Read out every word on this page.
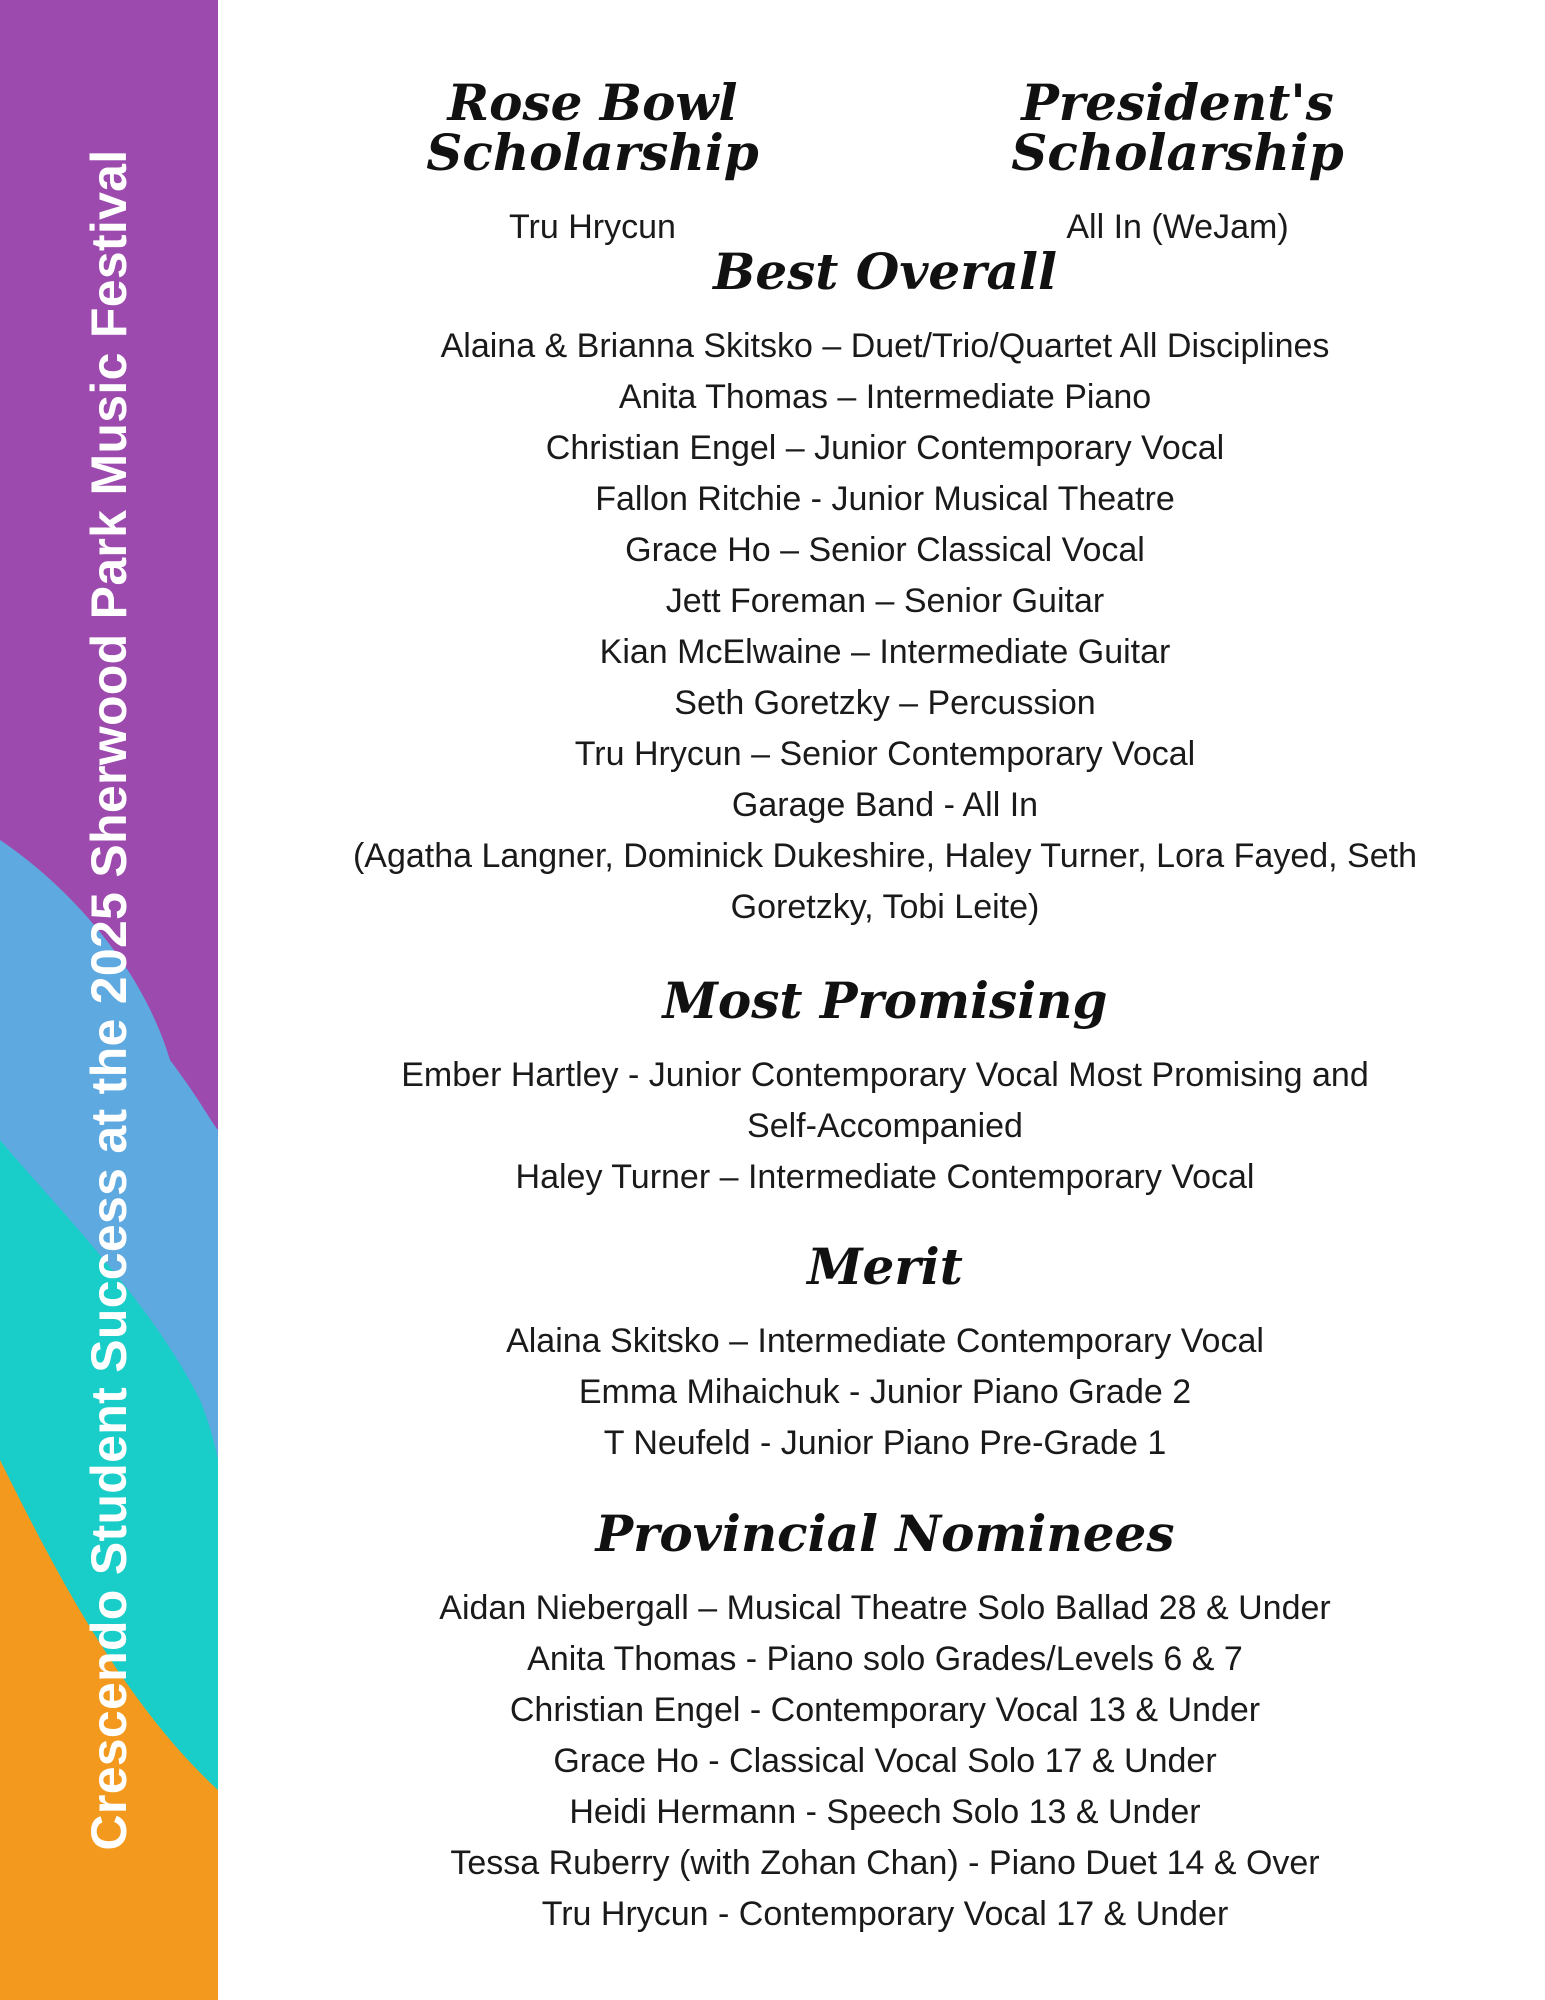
Crescendo Student Success at the 2025 Sherwood Park Music Festival

Rose Bowl Scholarship

Tru Hrycun

President's Scholarship

All In (WeJam)

Best Overall

Alaina & Brianna Skitsko – Duet/Trio/Quartet All Disciplines

Anita Thomas – Intermediate Piano

Christian Engel – Junior Contemporary Vocal

Fallon Ritchie - Junior Musical Theatre

Grace Ho – Senior Classical Vocal

Jett Foreman – Senior Guitar

Kian McElwaine – Intermediate Guitar

Seth Goretzky – Percussion

Tru Hrycun – Senior Contemporary Vocal

Garage Band - All In

(Agatha Langner, Dominick Dukeshire, Haley Turner, Lora Fayed, Seth

Goretzky, Tobi Leite)

Most Promising

Ember Hartley - Junior Contemporary Vocal Most Promising and

Self-Accompanied

Haley Turner – Intermediate Contemporary Vocal

Merit

Alaina Skitsko – Intermediate Contemporary Vocal

Emma Mihaichuk - Junior Piano Grade 2

T Neufeld - Junior Piano Pre-Grade 1

Provincial Nominees

Aidan Niebergall – Musical Theatre Solo Ballad 28 & Under

Anita Thomas - Piano solo Grades/Levels 6 & 7

Christian Engel - Contemporary Vocal 13 & Under

Grace Ho - Classical Vocal Solo 17 & Under

Heidi Hermann - Speech Solo 13 & Under

Tessa Ruberry (with Zohan Chan) - Piano Duet 14 & Over

Tru Hrycun - Contemporary Vocal 17 & Under
